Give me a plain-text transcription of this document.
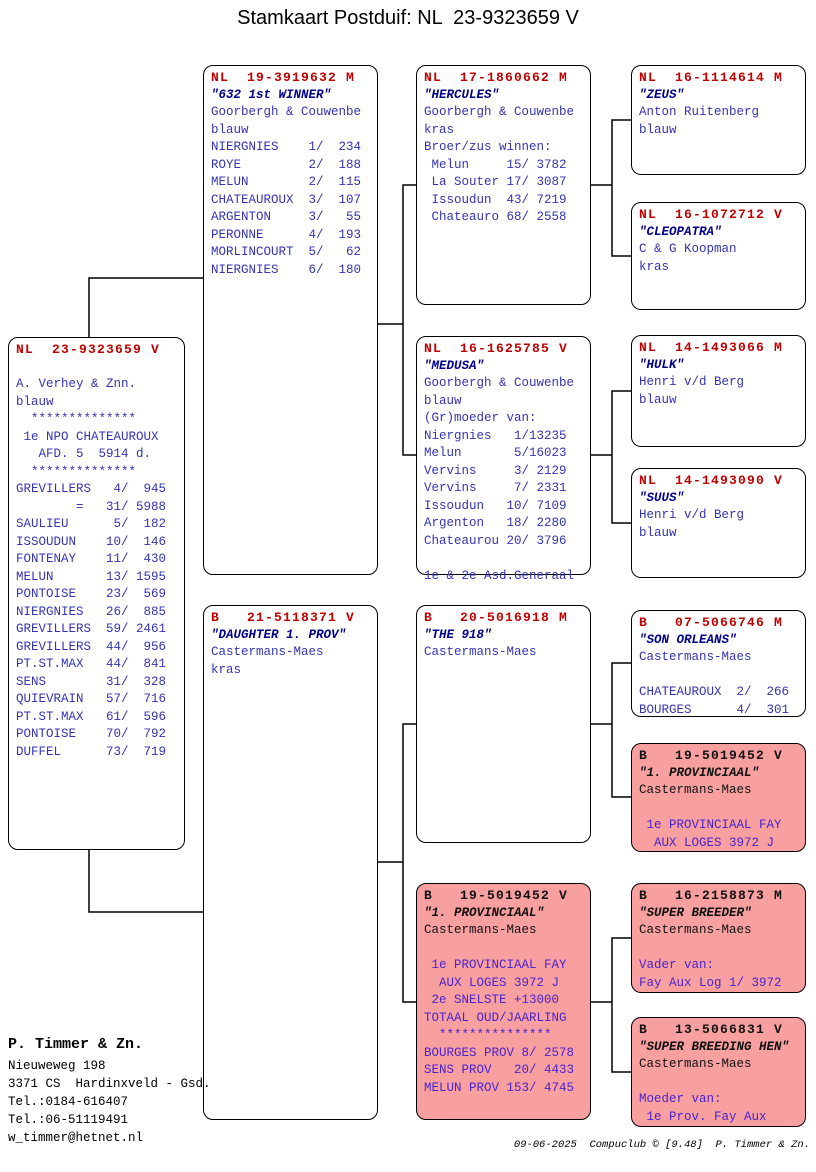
Stamkaart Postduif: NL  23-9323659 V
NL  23-9323659 V
A. Verhey & Znn.
blauw
**************
1e NPO CHATEAUROUX
AFD. 5  5914 d.
**************
GREVILLERS   4/  945
=   31/ 5988
SAULIEU      5/  182
ISSOUDUN    10/  146
FONTENAY    11/  430
MELUN       13/ 1595
PONTOISE    23/  569
NIERGNIES   26/  885
GREVILLERS  59/ 2461
GREVILLERS  44/  956
PT.ST.MAX   44/  841
SENS        31/  328
QUIEVRAIN   57/  716
PT.ST.MAX   61/  596
PONTOISE    70/  792
DUFFEL      73/  719
NL  19-3919632 M
"632 1st WINNER"
Goorbergh & Couwenbe
blauw
NIERGNIES    1/  234
ROYE         2/  188
MELUN        2/  115
CHATEAUROUX  3/  107
ARGENTON     3/   55
PERONNE      4/  193
MORLINCOURT  5/   62
NIERGNIES    6/  180
B   21-5118371 V
"DAUGHTER 1. PROV"
Castermans-Maes
kras
NL  17-1860662 M
"HERCULES"
Goorbergh & Couwenbe
kras
Broer/zus winnen:
Melun     15/ 3782
La Souter 17/ 3087
Issoudun  43/ 7219
Chateauro 68/ 2558
NL  16-1625785 V
"MEDUSA"
Goorbergh & Couwenbe
blauw
(Gr)moeder van:
Niergnies   1/13235
Melun       5/16023
Vervins     3/ 2129
Vervins     7/ 2331
Issoudun   10/ 7109
Argenton   18/ 2280
Chateaurou 20/ 3796
1e & 2e Asd.Generaal
B   20-5016918 M
"THE 918"
Castermans-Maes
B   19-5019452 V
"1. PROVINCIAAL"
Castermans-Maes
1e PROVINCIAAL FAY
AUX LOGES 3972 J
2e SNELSTE +13000
TOTAAL OUD/JAARLING
***************
BOURGES PROV 8/ 2578
SENS PROV   20/ 4433
MELUN PROV 153/ 4745
NL  16-1114614 M
"ZEUS"
Anton Ruitenberg
blauw
NL  16-1072712 V
"CLEOPATRA"
C & G Koopman
kras
NL  14-1493066 M
"HULK"
Henri v/d Berg
blauw
NL  14-1493090 V
"SUUS"
Henri v/d Berg
blauw
B   07-5066746 M
"SON ORLEANS"
Castermans-Maes
CHATEAUROUX  2/  266
BOURGES      4/  301
B   19-5019452 V
"1. PROVINCIAAL"
Castermans-Maes
1e PROVINCIAAL FAY
AUX LOGES 3972 J
B   16-2158873 M
"SUPER BREEDER"
Castermans-Maes
Vader van:
Fay Aux Log 1/ 3972
B   13-5066831 V
"SUPER BREEDING HEN"
Castermans-Maes
Moeder van:
1e Prov. Fay Aux
P. Timmer & Zn.
Nieuweweg 198
3371 CS  Hardinxveld - Gsd.
Tel.:0184-616407
Tel.:06-51119491
w_timmer@hetnet.nl	09-06-2025  Compuclub © [9.48]  P. Timmer & Zn.
